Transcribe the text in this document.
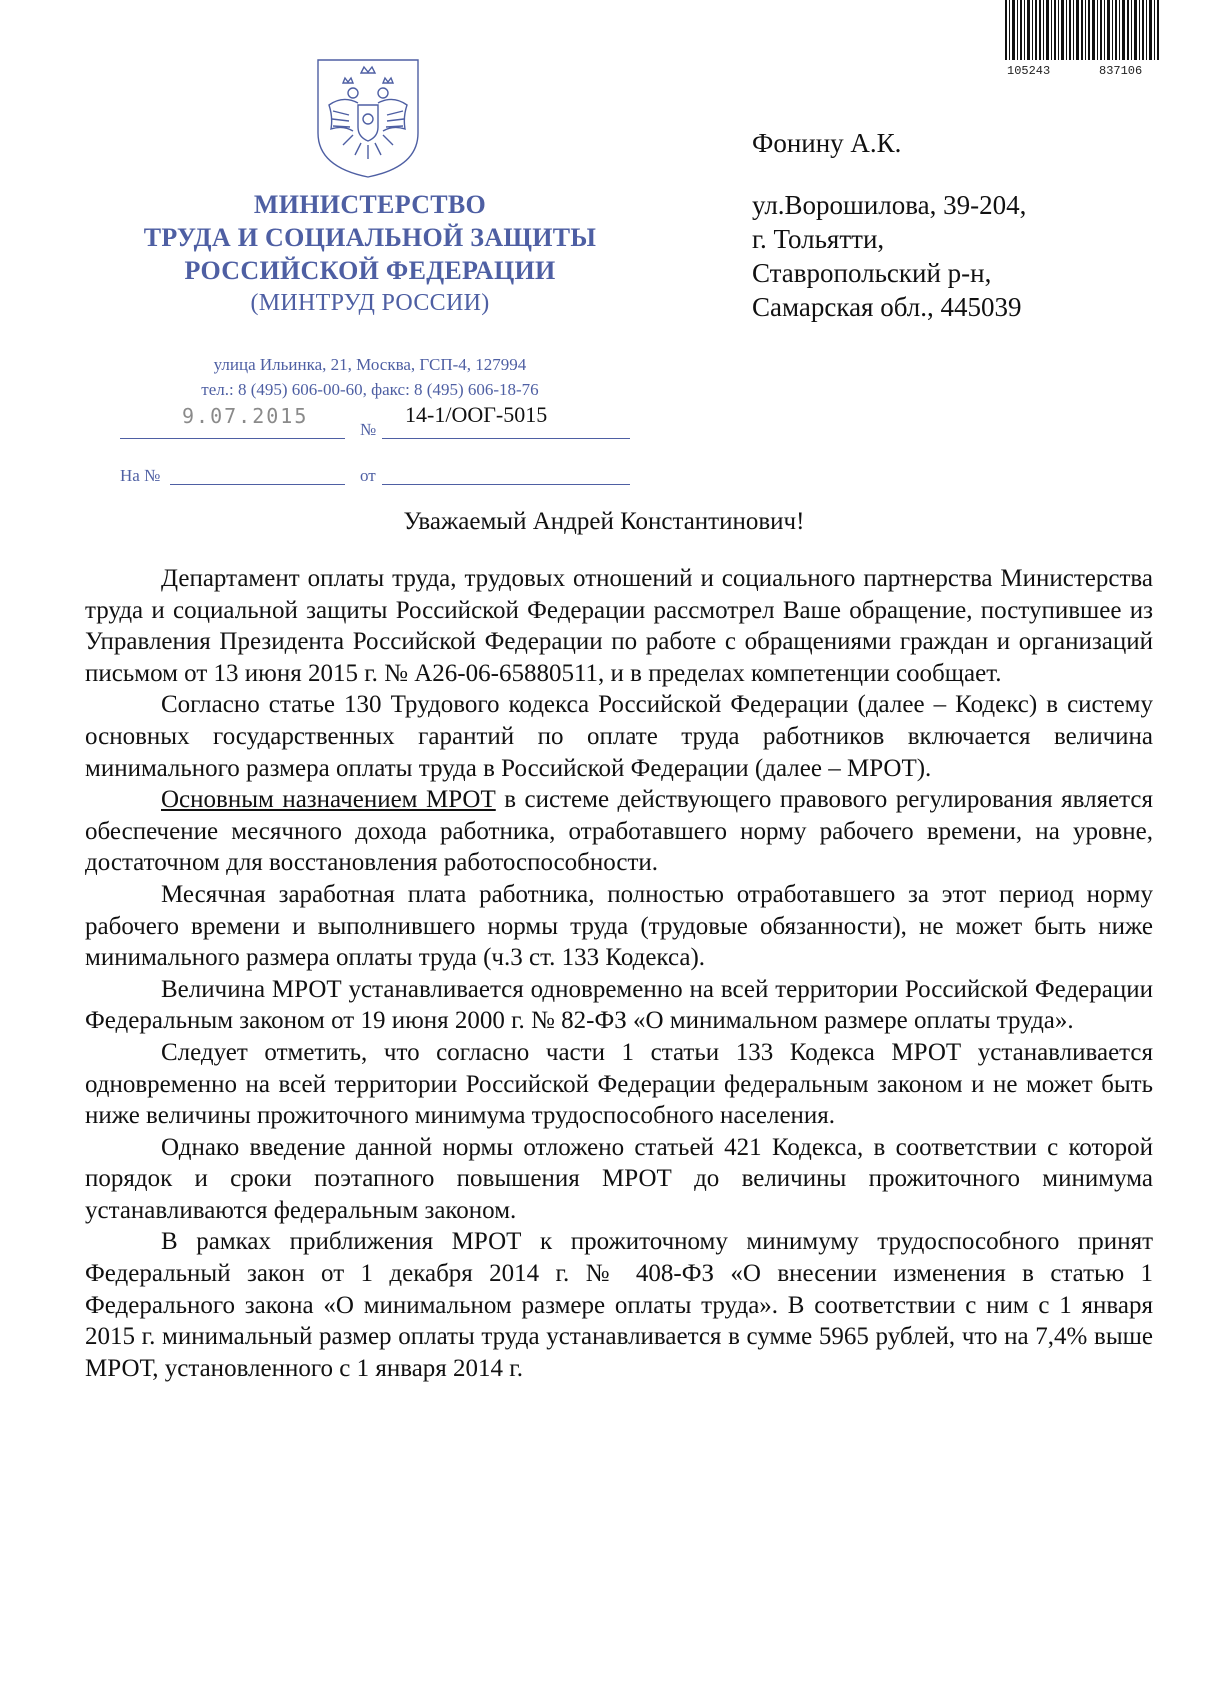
105243	837106
МИНИСТЕРСТВО
ТРУДА И СОЦИАЛЬНОЙ ЗАЩИТЫ
РОССИЙСКОЙ ФЕДЕРАЦИИ
(МИНТРУД РОССИИ)
улица Ильинка, 21, Москва, ГСП-4, 127994
тел.: 8 (495) 606-00-60, факс: 8 (495) 606-18-76
9.07.2015
№
14-1/ООГ-5015
На №	от
Фонину А.К.
ул.Ворошилова, 39-204,
г. Тольятти,
Ставропольский р-н,
Самарская обл., 445039
Уважаемый Андрей Константинович!

Департамент оплаты труда, трудовых отношений и социального партнерства Министерства труда и социальной защиты Российской Федерации рассмотрел Ваше обращение, поступившее из Управления Президента Российской Федерации по работе с обращениями граждан и организаций письмом от 13 июня 2015 г. № А26-06-65880511, и в пределах компетенции сообщает.

Согласно статье 130 Трудового кодекса Российской Федерации (далее – Кодекс) в систему основных государственных гарантий по оплате труда работников включается величина минимального размера оплаты труда в Российской Федерации (далее – МРОТ).

Основным назначением МРОТ в системе действующего правового регулирования является обеспечение месячного дохода работника, отработавшего норму рабочего времени, на уровне, достаточном для восстановления работоспособности.

Месячная заработная плата работника, полностью отработавшего за этот период норму рабочего времени и выполнившего нормы труда (трудовые обязанности), не может быть ниже минимального размера оплаты труда (ч.3 ст. 133 Кодекса).

Величина МРОТ устанавливается одновременно на всей территории Российской Федерации Федеральным законом от 19 июня 2000 г. № 82-ФЗ «О минимальном размере оплаты труда».

Следует отметить, что согласно части 1 статьи 133 Кодекса МРОТ устанавливается одновременно на всей территории Российской Федерации федеральным законом и не может быть ниже величины прожиточного минимума трудоспособного населения.

Однако введение данной нормы отложено статьей 421 Кодекса, в соответствии с которой порядок и сроки поэтапного повышения МРОТ до величины прожиточного минимума устанавливаются федеральным законом.

В рамках приближения МРОТ к прожиточному минимуму трудоспособного принят Федеральный закон от 1 декабря 2014 г. № 408-ФЗ «О внесении изменения в статью 1 Федерального закона «О минимальном размере оплаты труда». В соответствии с ним с 1 января 2015 г. минимальный размер оплаты труда устанавливается в сумме 5965 рублей, что на 7,4% выше МРОТ, установленного с 1 января 2014 г.
